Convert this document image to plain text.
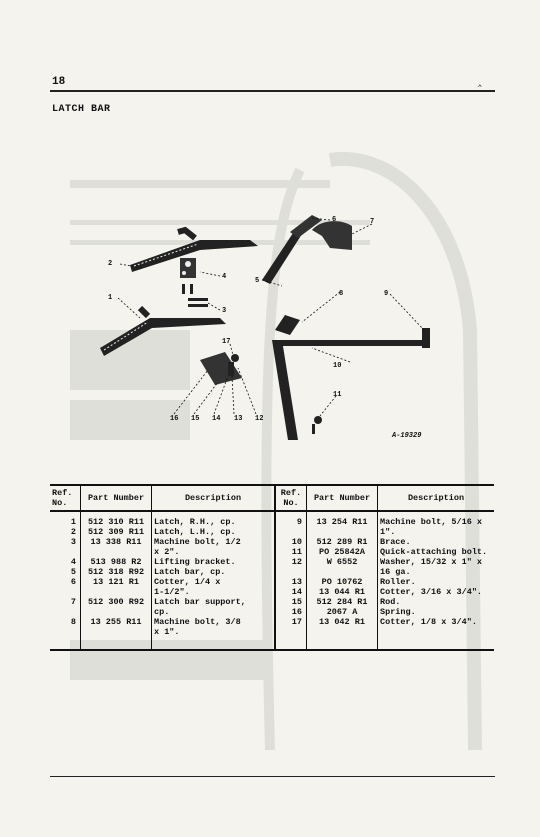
18	‸
LATCH BAR
2
1
4
3
5
6	7
8	9
10
11
17
16 15 14 13 12
A-19329
Ref. No.	Part Number	Description	Ref. No.	Part Number	Description
1	512 310 R11	Latch, R.H., cp.	9	13 254 R11	Machine bolt, 5/16 x
2	512 309 R11	Latch, L.H., cp.			1".
3	13 338 R11	Machine bolt, 1/2	10	512 289 R1	Brace.
		x 2".	11	PO 25842A	Quick-attaching bolt.
4	513 988 R2	Lifting bracket.	12	W 6552	Washer, 15/32 x 1" x
5	512 318 R92	Latch bar, cp.			16 ga.
6	13 121 R1	Cotter, 1/4 x	13	PO 10762	Roller.
		1-1/2".	14	13 044 R1	Cotter, 3/16 x 3/4".
7	512 300 R92	Latch bar support,	15	512 284 R1	Rod.
		cp.	16	2067 A	Spring.
8	13 255 R11	Machine bolt, 3/8	17	13 042 R1	Cotter, 1/8 x 3/4".
		x 1".			
